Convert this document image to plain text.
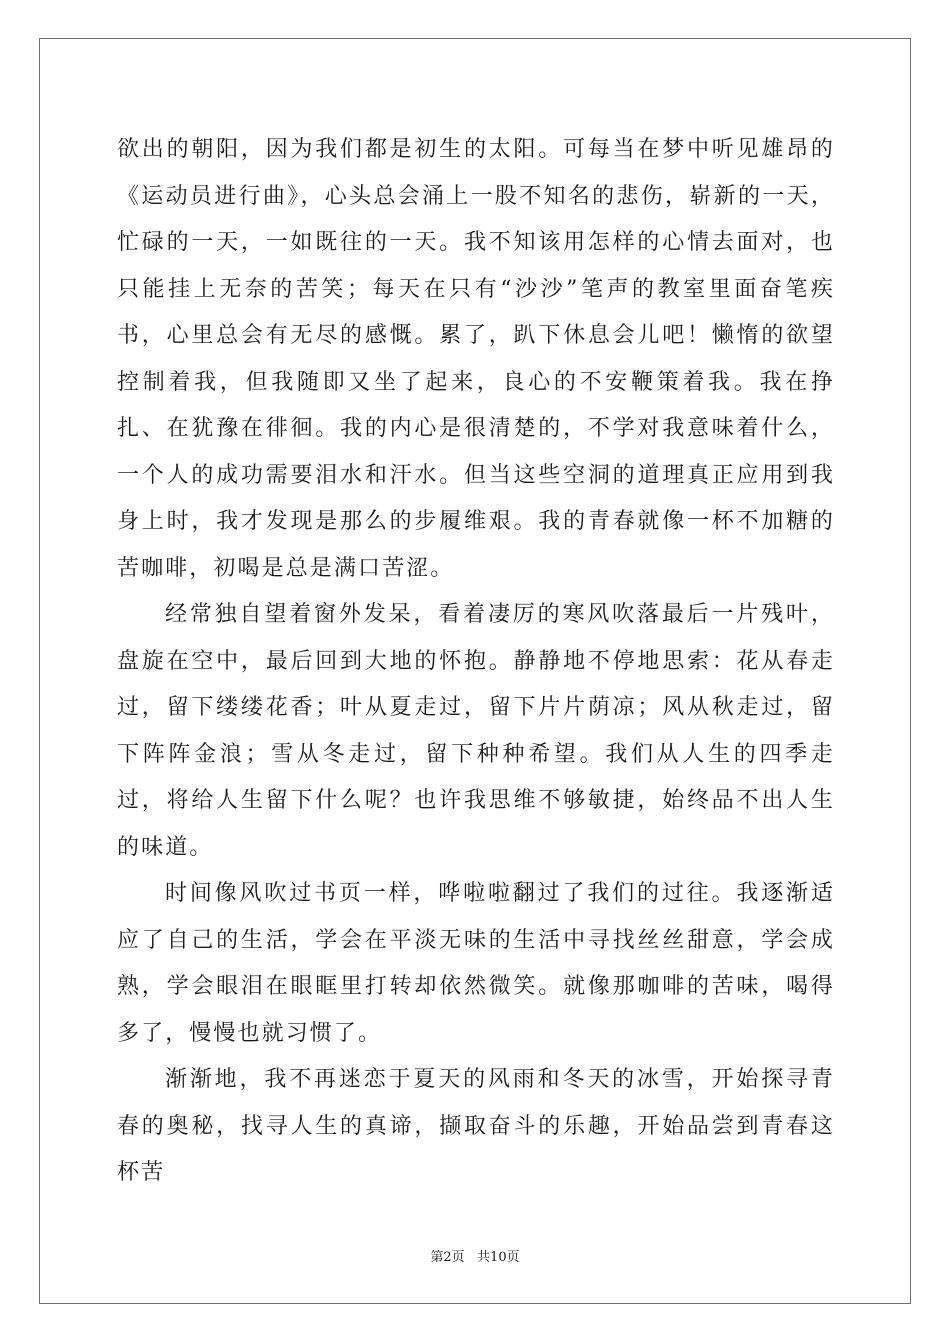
欲出的朝阳，因为我们都是初生的太阳。可每当在梦中听见雄昂的《运动员进行曲》，心头总会涌上一股不知名的悲伤，崭新的一天，忙碌的一天，一如既往的一天。我不知该用怎样的心情去面对，也只能挂上无奈的苦笑；每天在只有“沙沙”笔声的教室里面奋笔疾书，心里总会有无尽的感慨。累了，趴下休息会儿吧！懒惰的欲望控制着我，但我随即又坐了起来，良心的不安鞭策着我。我在挣扎、在犹豫在徘徊。我的内心是很清楚的，不学对我意味着什么，一个人的成功需要泪水和汗水。但当这些空洞的道理真正应用到我身上时，我才发现是那么的步履维艰。我的青春就像一杯不加糖的苦咖啡，初喝是总是满口苦涩。

经常独自望着窗外发呆，看着凄厉的寒风吹落最后一片残叶，盘旋在空中，最后回到大地的怀抱。静静地不停地思索：花从春走过，留下缕缕花香；叶从夏走过，留下片片荫凉；风从秋走过，留下阵阵金浪；雪从冬走过，留下种种希望。我们从人生的四季走过，将给人生留下什么呢？也许我思维不够敏捷，始终品不出人生的味道。

时间像风吹过书页一样，哗啦啦翻过了我们的过往。我逐渐适应了自己的生活，学会在平淡无味的生活中寻找丝丝甜意，学会成熟，学会眼泪在眼眶里打转却依然微笑。就像那咖啡的苦味，喝得多了，慢慢也就习惯了。

渐渐地，我不再迷恋于夏天的风雨和冬天的冰雪，开始探寻青春的奥秘，找寻人生的真谛，撷取奋斗的乐趣，开始品尝到青春这杯苦

第2页   共10页
